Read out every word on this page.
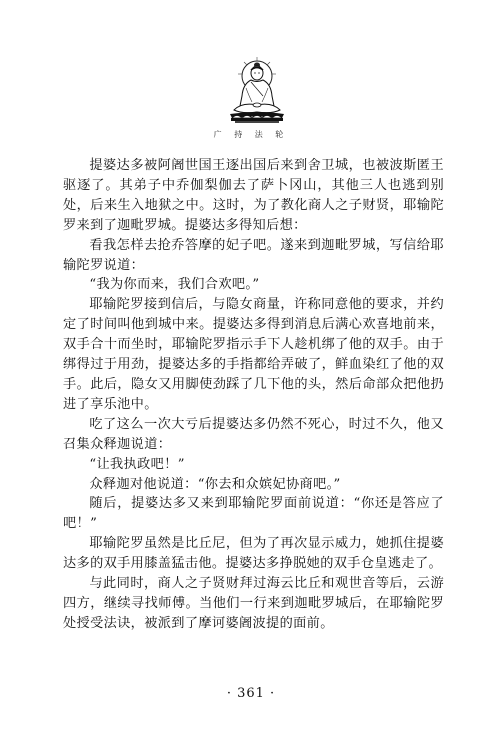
广 持 法 轮

提婆达多被阿阇世国王逐出国后来到舍卫城，也被波斯匿王驱逐了。其弟子中乔伽梨伽去了萨卜冈山，其他三人也逃到别处，后来生入地狱之中。这时，为了教化商人之子财贤，耶输陀罗来到了迦毗罗城。提婆达多得知后想：

看我怎样去抢乔答摩的妃子吧。遂来到迦毗罗城，写信给耶输陀罗说道：

“我为你而来，我们合欢吧。”

耶输陀罗接到信后，与隐女商量，许称同意他的要求，并约定了时间叫他到城中来。提婆达多得到消息后满心欢喜地前来，双手合十而坐时，耶输陀罗指示手下人趁机绑了他的双手。由于绑得过于用劲，提婆达多的手指都给弄破了，鲜血染红了他的双手。此后，隐女又用脚使劲踩了几下他的头，然后命部众把他扔进了享乐池中。

吃了这么一次大亏后提婆达多仍然不死心，时过不久，他又召集众释迦说道：

“让我执政吧！”

众释迦对他说道：“你去和众嫔妃协商吧。”

随后，提婆达多又来到耶输陀罗面前说道：“你还是答应了吧！”

耶输陀罗虽然是比丘尼，但为了再次显示威力，她抓住提婆达多的双手用膝盖猛击他。提婆达多挣脱她的双手仓皇逃走了。

与此同时，商人之子贤财拜过海云比丘和观世音等后，云游四方，继续寻找师傅。当他们一行来到迦毗罗城后，在耶输陀罗处授受法诀，被派到了摩诃婆阇波提的面前。

· 361 ·
